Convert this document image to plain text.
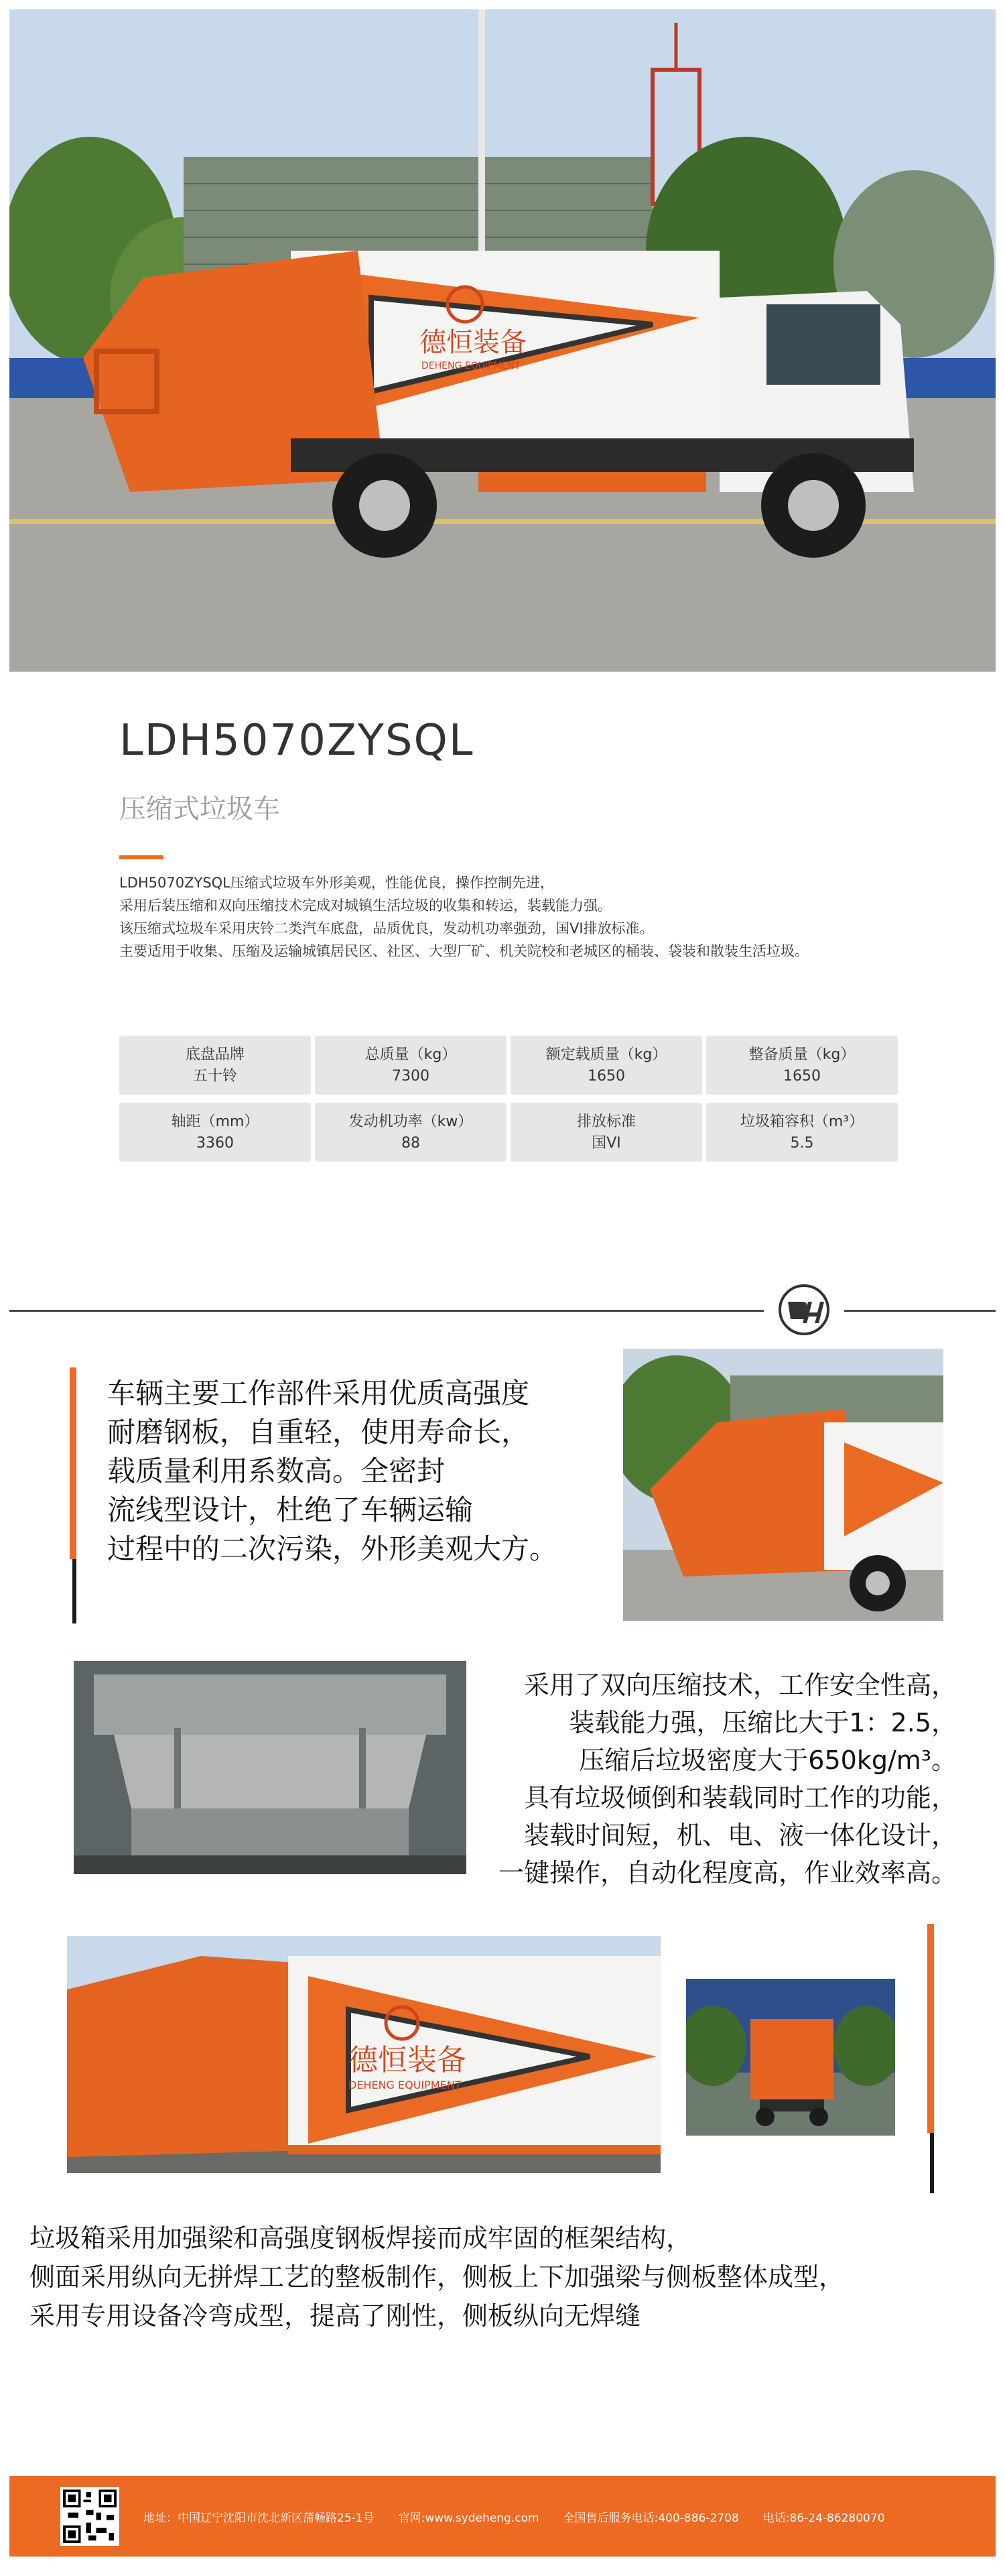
德恒装备
DEHENG EQUIPMENT
LDH5070ZYSQL
压缩式垃圾车

LDH5070ZYSQL压缩式垃圾车外形美观，性能优良，操作控制先进，

采用后装压缩和双向压缩技术完成对城镇生活垃圾的收集和转运，装载能力强。

该压缩式垃圾车采用庆铃二类汽车底盘，品质优良，发动机功率强劲，国VI排放标准。

主要适用于收集、压缩及运输城镇居民区、社区、大型厂矿、机关院校和老城区的桶装、袋装和散装生活垃圾。

底盘品牌
五十铃
总质量（kg）
7300
额定载质量（kg）
1650
整备质量（kg）
1650
轴距（mm）
3360
发动机功率（kw）
88
排放标准
国VI
垃圾箱容积（m³）
5.5

车辆主要工作部件采用优质高强度

耐磨钢板，自重轻，使用寿命长，

载质量利用系数高。全密封

流线型设计，杜绝了车辆运输

过程中的二次污染，外形美观大方。

采用了双向压缩技术，工作安全性高，

装载能力强，压缩比大于1：2.5，

压缩后垃圾密度大于650kg/m³。

具有垃圾倾倒和装载同时工作的功能，

装载时间短，机、电、液一体化设计，

一键操作，自动化程度高，作业效率高。

德恒装备
DEHENG EQUIPMENT

垃圾箱采用加强梁和高强度钢板焊接而成牢固的框架结构，

侧面采用纵向无拼焊工艺的整板制作，侧板上下加强梁与侧板整体成型，

采用专用设备冷弯成型，提高了刚性，侧板纵向无焊缝

地址：中国辽宁沈阳市沈北新区蒲畅路25-1号 官网:www.sydeheng.com 全国售后服务电话:400-886-2708 电话:86-24-86280070
